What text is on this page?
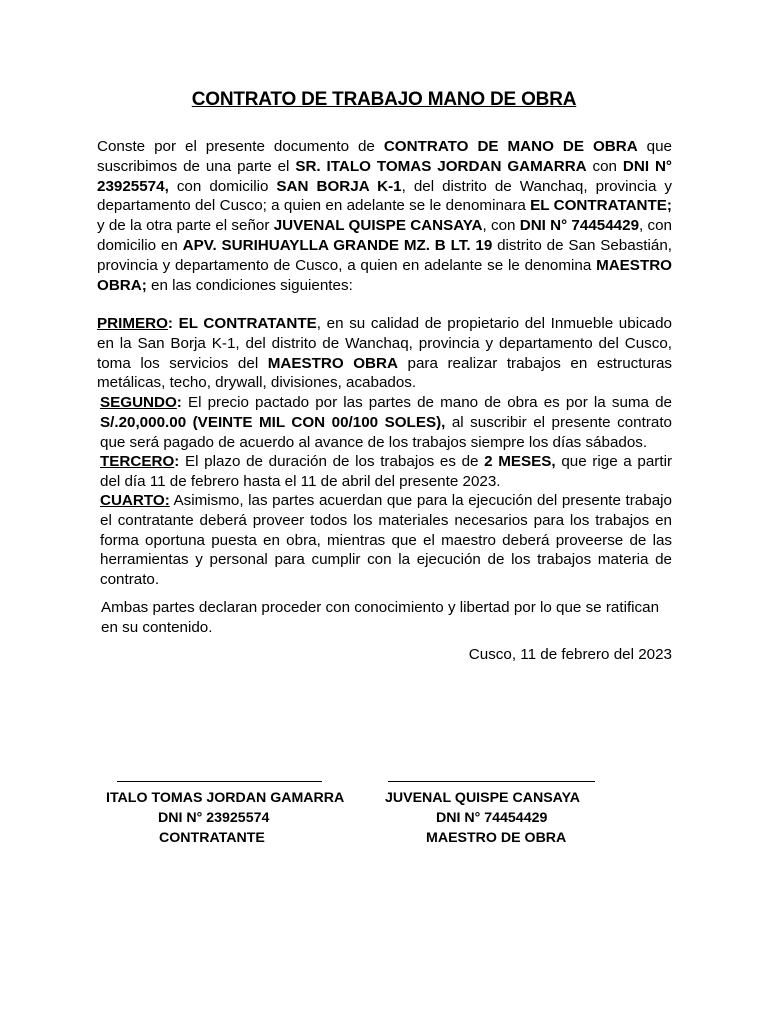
CONTRATO DE TRABAJO MANO DE OBRA
Conste por el presente documento de CONTRATO DE MANO DE OBRA que suscribimos de una parte el SR. ITALO TOMAS JORDAN GAMARRA con DNI N° 23925574, con domicilio SAN BORJA K-1, del distrito de Wanchaq, provincia y departamento del Cusco; a quien en adelante se le denominara EL CONTRATANTE; y de la otra parte el señor JUVENAL QUISPE CANSAYA, con DNI N° 74454429, con domicilio en APV. SURIHUAYLLA GRANDE MZ. B LT. 19 distrito de San Sebastián, provincia y departamento de Cusco, a quien en adelante se le denomina MAESTRO OBRA; en las condiciones siguientes:
PRIMERO: EL CONTRATANTE, en su calidad de propietario del Inmueble ubicado en la San Borja K-1, del distrito de Wanchaq, provincia y departamento del Cusco, toma los servicios del MAESTRO OBRA para realizar trabajos en estructuras metálicas, techo, drywall, divisiones, acabados.
SEGUNDO: El precio pactado por las partes de mano de obra es por la suma de S/.20,000.00 (VEINTE MIL CON 00/100 SOLES), al suscribir el presente contrato que será pagado de acuerdo al avance de los trabajos siempre los días sábados.
TERCERO: El plazo de duración de los trabajos es de 2 MESES, que rige a partir del día 11 de febrero hasta el 11 de abril del presente 2023.
CUARTO: Asimismo, las partes acuerdan que para la ejecución del presente trabajo el contratante deberá proveer todos los materiales necesarios para los trabajos en forma oportuna puesta en obra, mientras que el maestro deberá proveerse de las herramientas y personal para cumplir con la ejecución de los trabajos materia de contrato.
Ambas partes declaran proceder con conocimiento y libertad por lo que se ratifican en su contenido.
Cusco, 11 de febrero del 2023
ITALO TOMAS JORDAN GAMARRA
DNI N° 23925574
CONTRATANTE
JUVENAL QUISPE CANSAYA
DNI N° 74454429
MAESTRO DE OBRA
